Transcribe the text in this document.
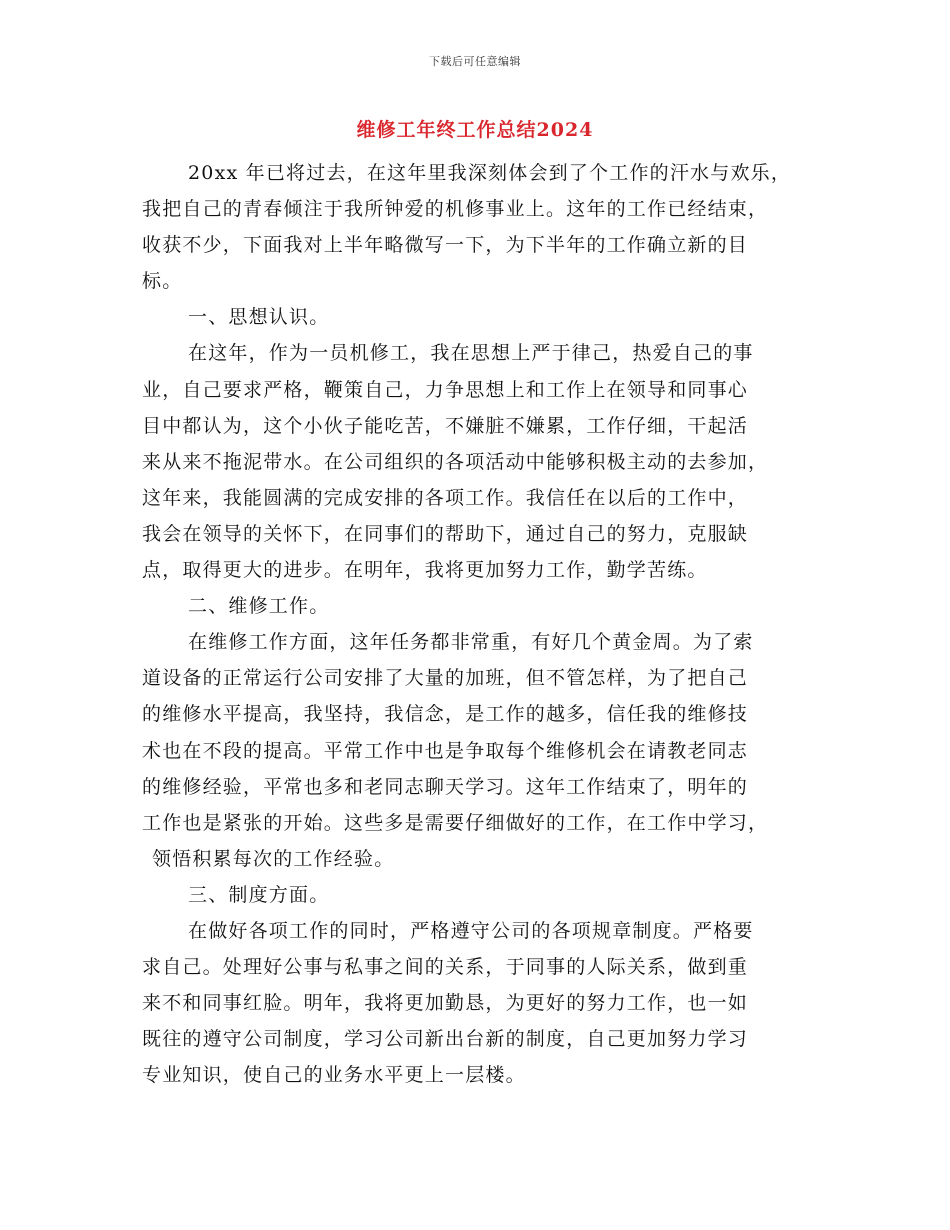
下载后可任意编辑
维修工年终工作总结2024
20xx 年已将过去，在这年里我深刻体会到了个工作的汗水与欢乐，
我把自己的青春倾注于我所钟爱的机修事业上。这年的工作已经结束，
收获不少，下面我对上半年略微写一下，为下半年的工作确立新的目
标。
一、思想认识。
在这年，作为一员机修工，我在思想上严于律己，热爱自己的事
业，自己要求严格，鞭策自己，力争思想上和工作上在领导和同事心
目中都认为，这个小伙子能吃苦，不嫌脏不嫌累，工作仔细，干起活
来从来不拖泥带水。在公司组织的各项活动中能够积极主动的去参加，
这年来，我能圆满的完成安排的各项工作。我信任在以后的工作中，
我会在领导的关怀下，在同事们的帮助下，通过自己的努力，克服缺
点，取得更大的进步。在明年，我将更加努力工作，勤学苦练。
二、维修工作。
在维修工作方面，这年任务都非常重，有好几个黄金周。为了索
道设备的正常运行公司安排了大量的加班，但不管怎样，为了把自己
的维修水平提高，我坚持，我信念，是工作的越多，信任我的维修技
术也在不段的提高。平常工作中也是争取每个维修机会在请教老同志
的维修经验，平常也多和老同志聊天学习。这年工作结束了，明年的
工作也是紧张的开始。这些多是需要仔细做好的工作，在工作中学习，
领悟积累每次的工作经验。
三、制度方面。
在做好各项工作的同时，严格遵守公司的各项规章制度。严格要
求自己。处理好公事与私事之间的关系，于同事的人际关系，做到重
来不和同事红脸。明年，我将更加勤恳，为更好的努力工作，也一如
既往的遵守公司制度，学习公司新出台新的制度，自己更加努力学习
专业知识，使自己的业务水平更上一层楼。
